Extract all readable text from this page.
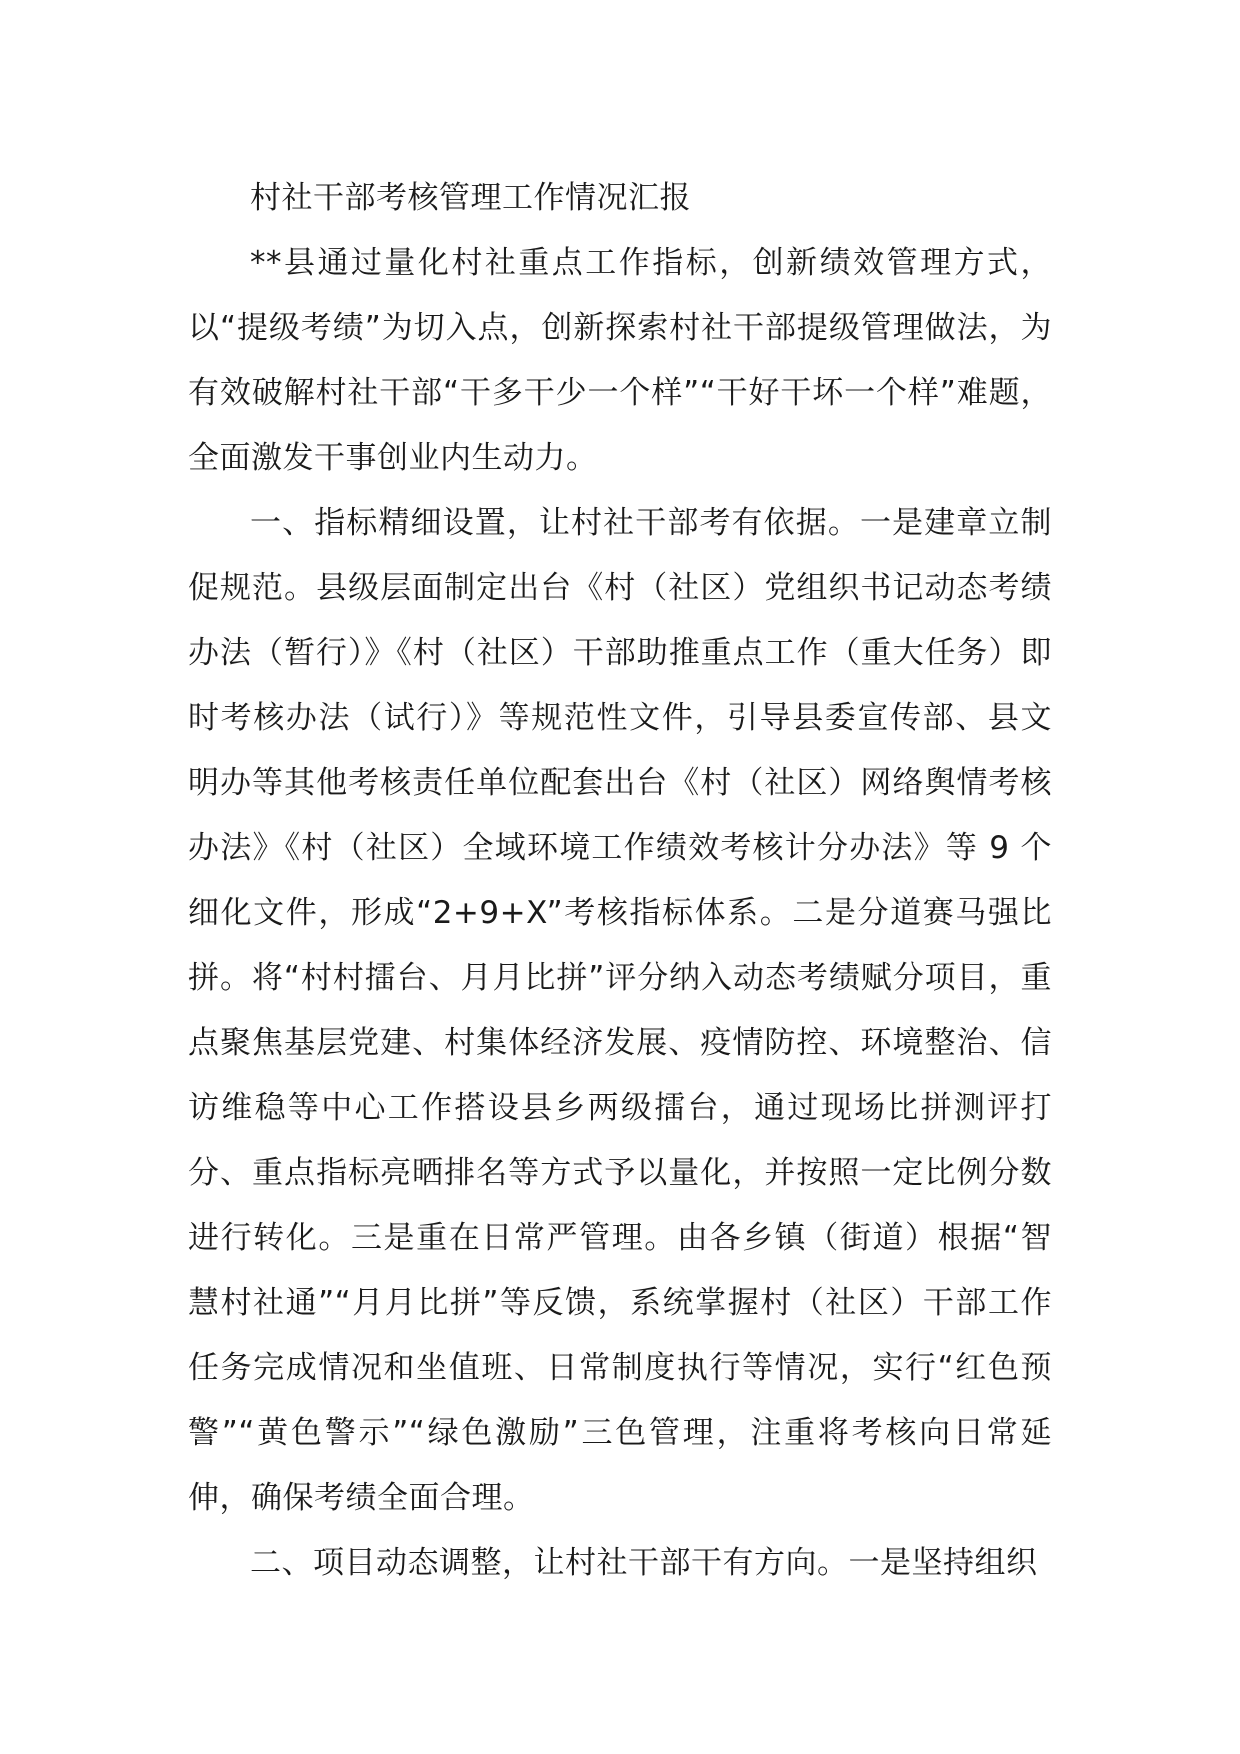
村社干部考核管理工作情况汇报

**县通过量化村社重点工作指标，创新绩效管理方式，以“提级考绩”为切入点，创新探索村社干部提级管理做法，为有效破解村社干部“干多干少一个样”“干好干坏一个样”难题，全面激发干事创业内生动力。

一、指标精细设置，让村社干部考有依据。一是建章立制促规范。县级层面制定出台《村（社区）党组织书记动态考绩办法（暂行）》《村（社区）干部助推重点工作（重大任务）即时考核办法（试行）》等规范性文件，引导县委宣传部、县文明办等其他考核责任单位配套出台《村（社区）网络舆情考核办法》《村（社区）全域环境工作绩效考核计分办法》等 9 个细化文件，形成“2+9+X”考核指标体系。二是分道赛马强比拼。将“村村擂台、月月比拼”评分纳入动态考绩赋分项目，重点聚焦基层党建、村集体经济发展、疫情防控、环境整治、信访维稳等中心工作搭设县乡两级擂台，通过现场比拼测评打分、重点指标亮晒排名等方式予以量化，并按照一定比例分数进行转化。三是重在日常严管理。由各乡镇（街道）根据“智慧村社通”“月月比拼”等反馈，系统掌握村（社区）干部工作任务完成情况和坐值班、日常制度执行等情况，实行“红色预警”“黄色警示”“绿色激励”三色管理，注重将考核向日常延伸，确保考绩全面合理。

二、项目动态调整，让村社干部干有方向。一是坚持组织
